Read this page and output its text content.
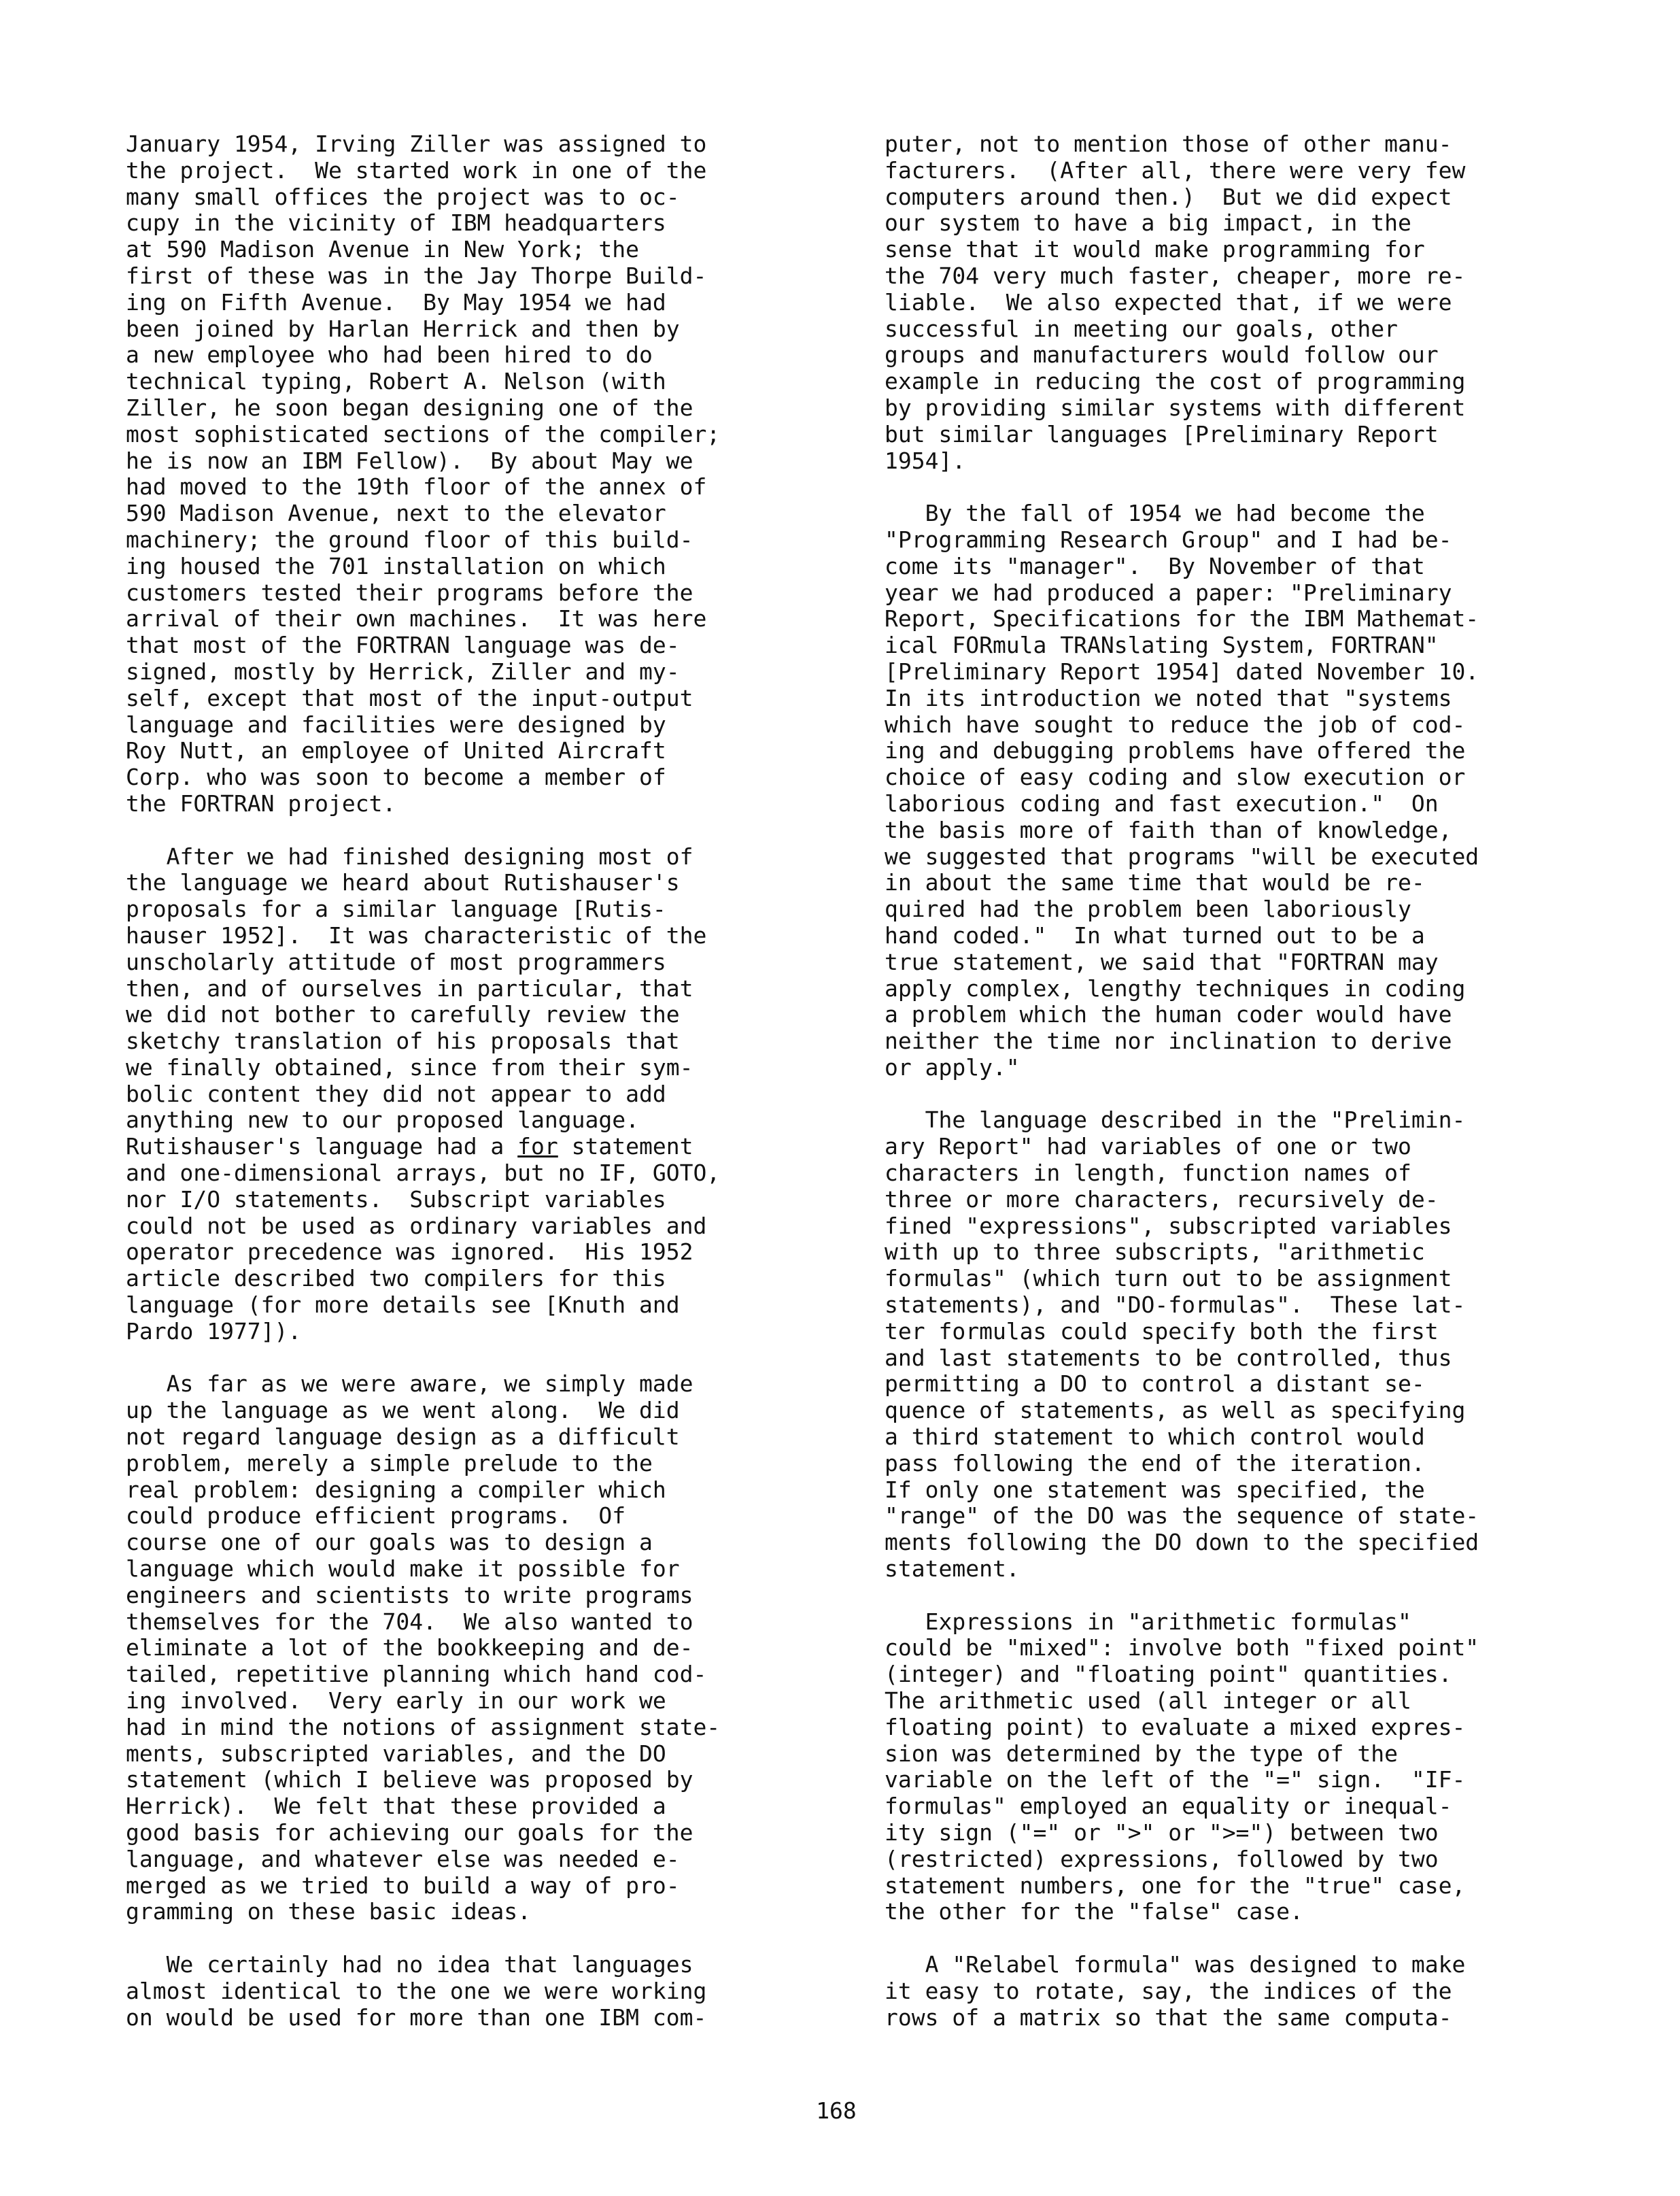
January 1954, Irving Ziller was assigned to
the project.  We started work in one of the
many small offices the project was to oc-
cupy in the vicinity of IBM headquarters
at 590 Madison Avenue in New York; the
first of these was in the Jay Thorpe Build-
ing on Fifth Avenue.  By May 1954 we had
been joined by Harlan Herrick and then by
a new employee who had been hired to do
technical typing, Robert A. Nelson (with
Ziller, he soon began designing one of the
most sophisticated sections of the compiler;
he is now an IBM Fellow).  By about May we
had moved to the 19th floor of the annex of
590 Madison Avenue, next to the elevator
machinery; the ground floor of this build-
ing housed the 701 installation on which
customers tested their programs before the
arrival of their own machines.  It was here
that most of the FORTRAN language was de-
signed, mostly by Herrick, Ziller and my-
self, except that most of the input-output
language and facilities were designed by
Roy Nutt, an employee of United Aircraft
Corp. who was soon to become a member of
the FORTRAN project.
After we had finished designing most of
the language we heard about Rutishauser's
proposals for a similar language [Rutis-
hauser 1952].  It was characteristic of the
unscholarly attitude of most programmers
then, and of ourselves in particular, that
we did not bother to carefully review the
sketchy translation of his proposals that
we finally obtained, since from their sym-
bolic content they did not appear to add
anything new to our proposed language.
Rutishauser's language had a for statement
and one-dimensional arrays, but no IF, GOTO,
nor I/O statements.  Subscript variables
could not be used as ordinary variables and
operator precedence was ignored.  His 1952
article described two compilers for this
language (for more details see [Knuth and
Pardo 1977]).
As far as we were aware, we simply made
up the language as we went along.  We did
not regard language design as a difficult
problem, merely a simple prelude to the
real problem: designing a compiler which
could produce efficient programs.  Of
course one of our goals was to design a
language which would make it possible for
engineers and scientists to write programs
themselves for the 704.  We also wanted to
eliminate a lot of the bookkeeping and de-
tailed, repetitive planning which hand cod-
ing involved.  Very early in our work we
had in mind the notions of assignment state-
ments, subscripted variables, and the DO
statement (which I believe was proposed by
Herrick).  We felt that these provided a
good basis for achieving our goals for the
language, and whatever else was needed e-
merged as we tried to build a way of pro-
gramming on these basic ideas.
We certainly had no idea that languages
almost identical to the one we were working
on would be used for more than one IBM com-
puter, not to mention those of other manu-
facturers.  (After all, there were very few
computers around then.)  But we did expect
our system to have a big impact, in the
sense that it would make programming for
the 704 very much faster, cheaper, more re-
liable.  We also expected that, if we were
successful in meeting our goals, other
groups and manufacturers would follow our
example in reducing the cost of programming
by providing similar systems with different
but similar languages [Preliminary Report
1954].
By the fall of 1954 we had become the
"Programming Research Group" and I had be-
come its "manager".  By November of that
year we had produced a paper: "Preliminary
Report, Specifications for the IBM Mathemat-
ical FORmula TRANslating System, FORTRAN"
[Preliminary Report 1954] dated November 10.
In its introduction we noted that "systems
which have sought to reduce the job of cod-
ing and debugging problems have offered the
choice of easy coding and slow execution or
laborious coding and fast execution."  On
the basis more of faith than of knowledge,
we suggested that programs "will be executed
in about the same time that would be re-
quired had the problem been laboriously
hand coded."  In what turned out to be a
true statement, we said that "FORTRAN may
apply complex, lengthy techniques in coding
a problem which the human coder would have
neither the time nor inclination to derive
or apply."
The language described in the "Prelimin-
ary Report" had variables of one or two
characters in length, function names of
three or more characters, recursively de-
fined "expressions", subscripted variables
with up to three subscripts, "arithmetic
formulas" (which turn out to be assignment
statements), and "DO-formulas".  These lat-
ter formulas could specify both the first
and last statements to be controlled, thus
permitting a DO to control a distant se-
quence of statements, as well as specifying
a third statement to which control would
pass following the end of the iteration.
If only one statement was specified, the
"range" of the DO was the sequence of state-
ments following the DO down to the specified
statement.
Expressions in "arithmetic formulas"
could be "mixed": involve both "fixed point"
(integer) and "floating point" quantities.
The arithmetic used (all integer or all
floating point) to evaluate a mixed expres-
sion was determined by the type of the
variable on the left of the "=" sign.  "IF-
formulas" employed an equality or inequal-
ity sign ("=" or ">" or ">=") between two
(restricted) expressions, followed by two
statement numbers, one for the "true" case,
the other for the "false" case.
A "Relabel formula" was designed to make
it easy to rotate, say, the indices of the
rows of a matrix so that the same computa-
168
